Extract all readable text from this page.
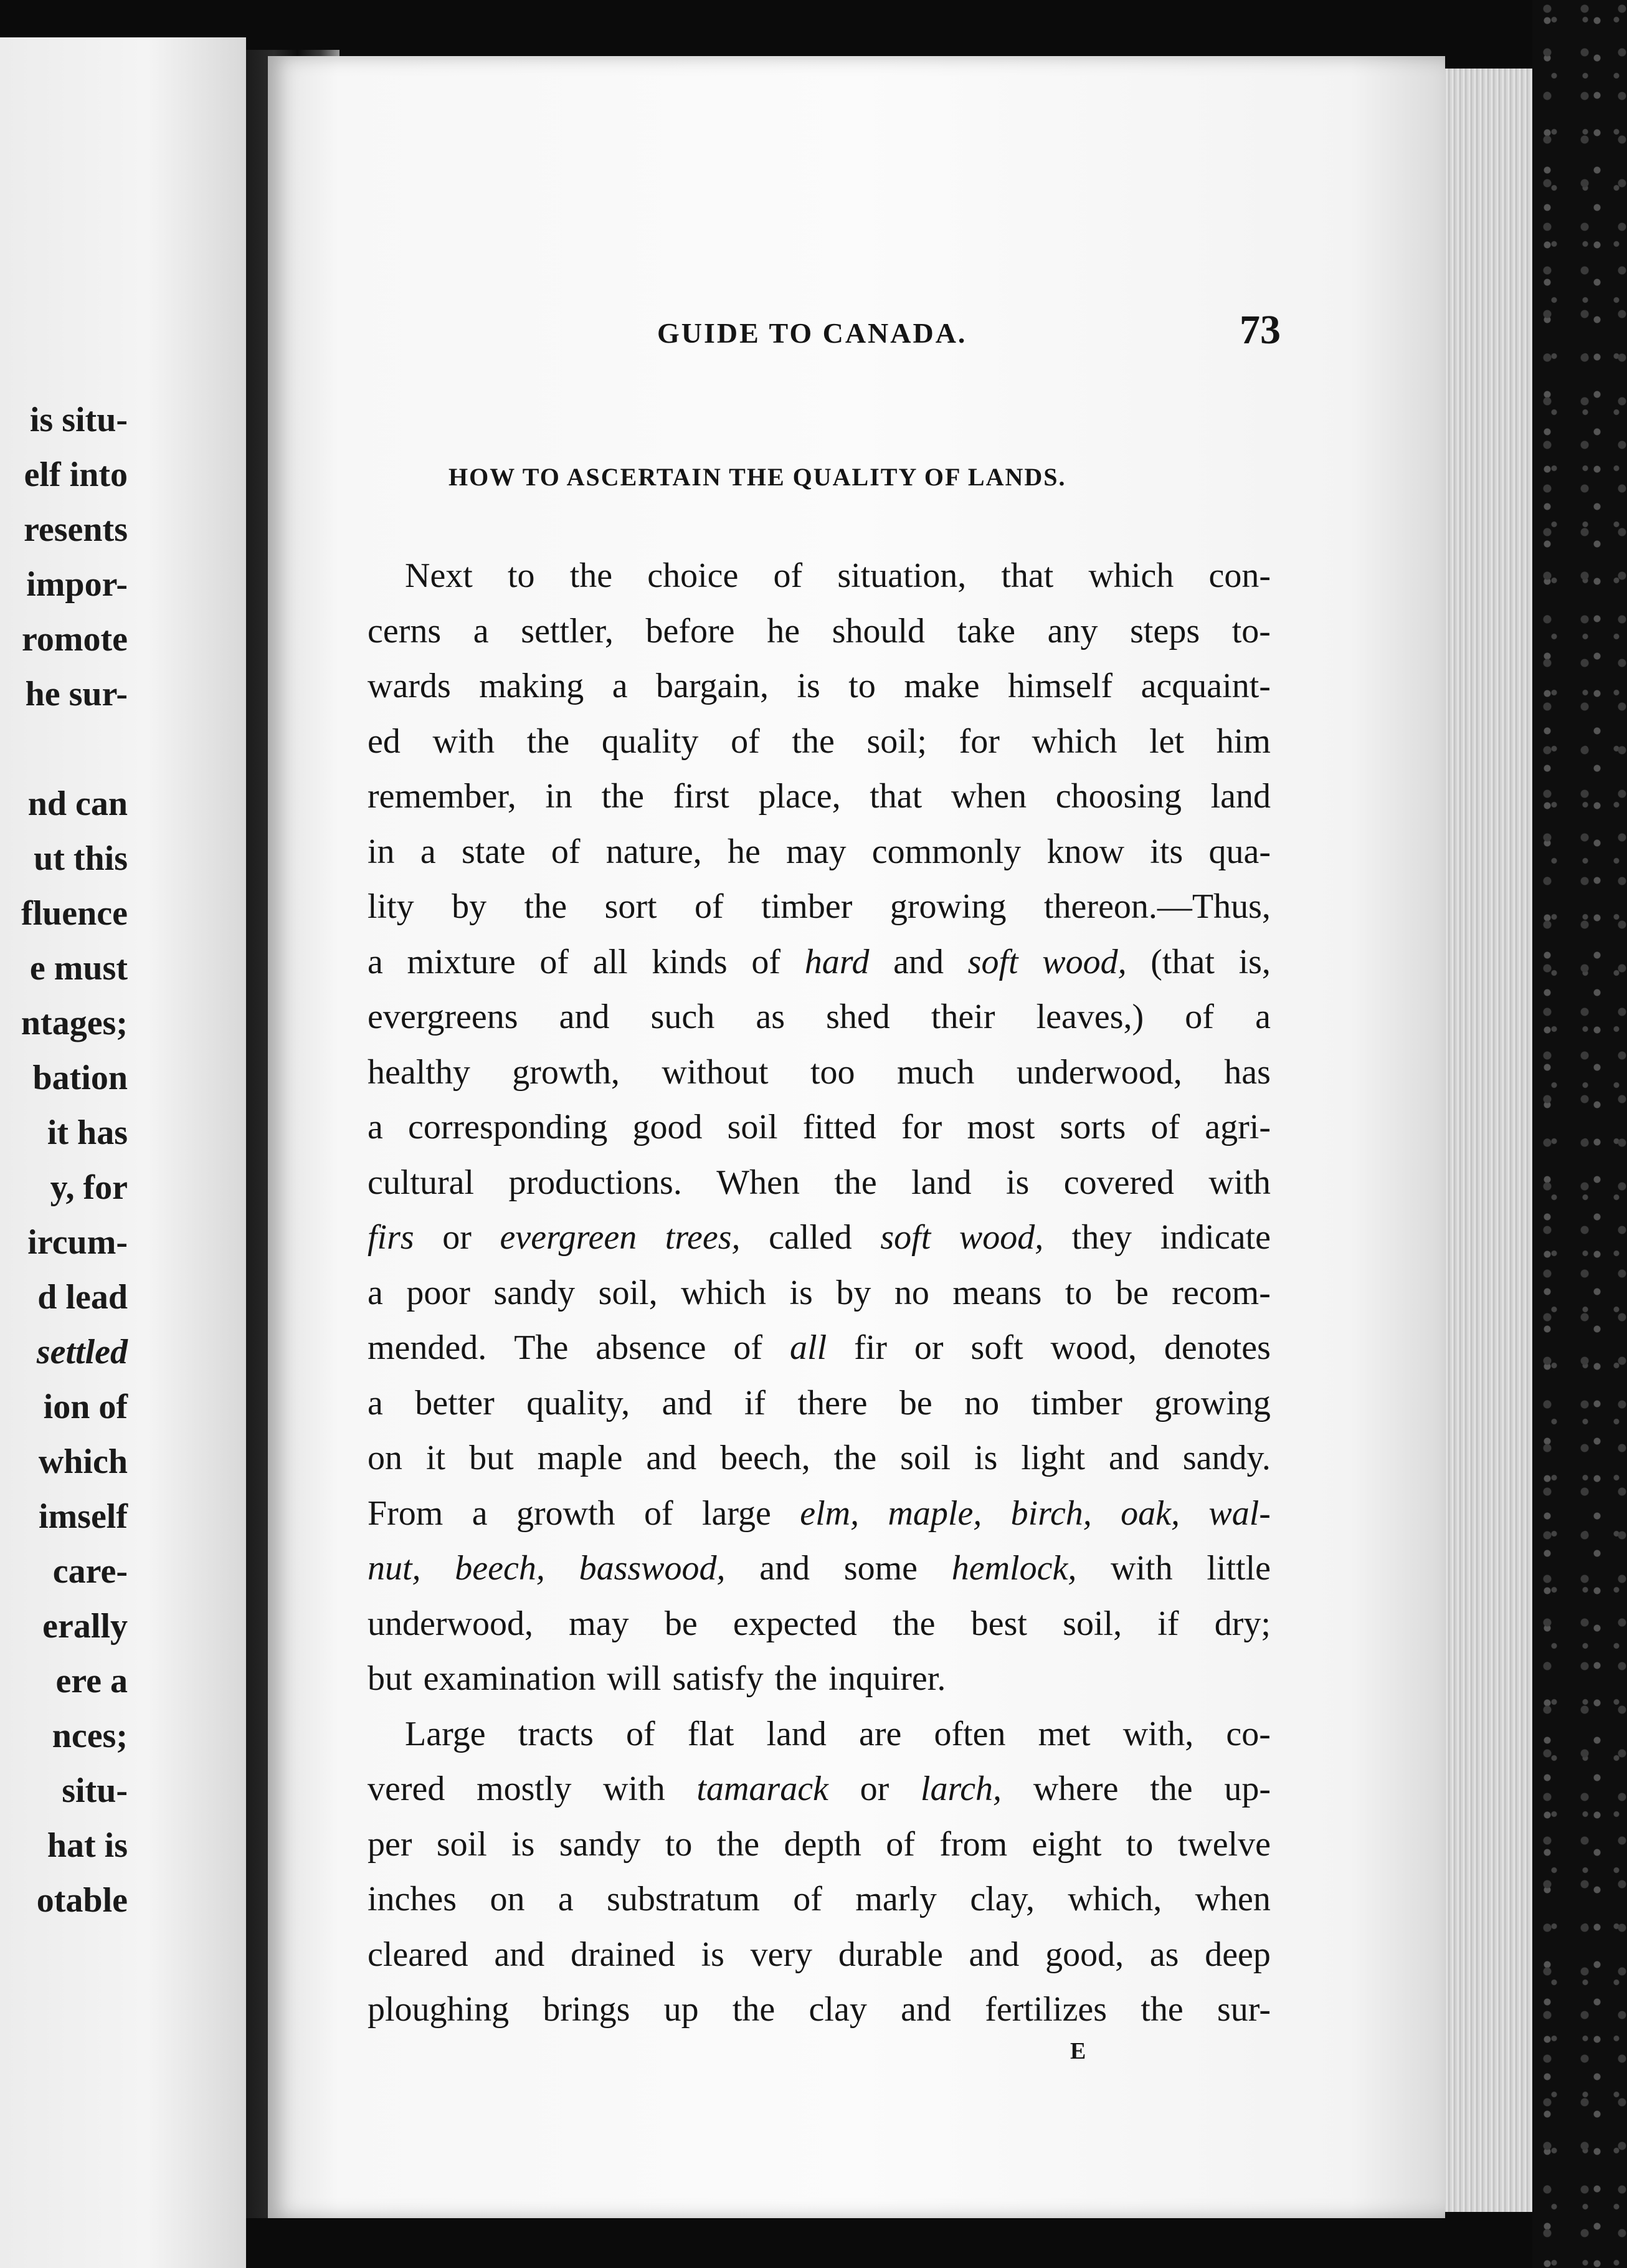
is situ-
elf into
resents
impor-
romote
he sur-
nd can
ut this
fluence
e must
ntages;
bation
it has
y, for
ircum-
d lead
settled
ion of
which
imself
care-
erally
ere a
nces;
situ-
hat is
otable
GUIDE TO CANADA.	73
HOW TO ASCERTAIN THE QUALITY OF LANDS.
Next to the choice of situation, that which con-
cerns a settler, before he should take any steps to-
wards making a bargain, is to make himself acquaint-
ed with the quality of the soil; for which let him
remember, in the first place, that when choosing land
in a state of nature, he may commonly know its qua-
lity by the sort of timber growing thereon.—Thus,
a mixture of all kinds of hard and soft wood, (that is,
evergreens and such as shed their leaves,) of a
healthy growth, without too much underwood, has
a corresponding good soil fitted for most sorts of agri-
cultural productions. When the land is covered with
firs or evergreen trees, called soft wood, they indicate
a poor sandy soil, which is by no means to be recom-
mended. The absence of all fir or soft wood, denotes
a better quality, and if there be no timber growing
on it but maple and beech, the soil is light and sandy.
From a growth of large elm, maple, birch, oak, wal-
nut, beech, basswood, and some hemlock, with little
underwood, may be expected the best soil, if dry;
but examination will satisfy the inquirer.
Large tracts of flat land are often met with, co-
vered mostly with tamarack or larch, where the up-
per soil is sandy to the depth of from eight to twelve
inches on a substratum of marly clay, which, when
cleared and drained is very durable and good, as deep
ploughing brings up the clay and fertilizes the sur-
E
